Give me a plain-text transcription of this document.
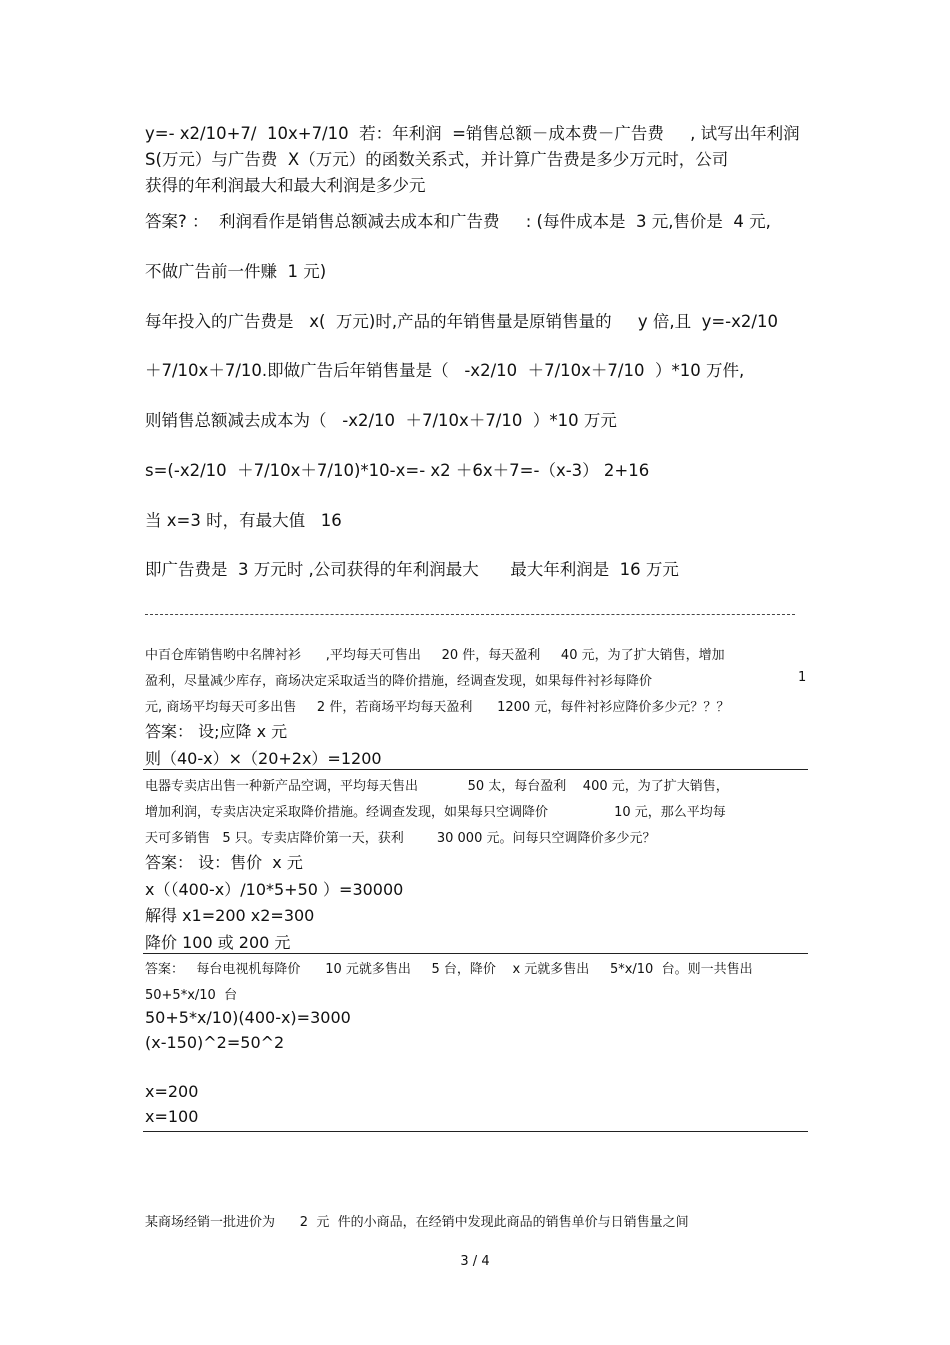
y=- x2/10+7/  10x+7/10  若：年利润  =销售总额－成本费－广告费     , 试写出年利润

S(万元）与广告费  X（万元）的函数关系式，并计算广告费是多少万元时，公司

获得的年利润最大和最大利润是多少元

答案? ：  利润看作是销售总额减去成本和广告费     : (每件成本是  3 元,售价是  4 元,

不做广告前一件赚  1 元)

每年投入的广告费是   x(  万元)时,产品的年销售量是原销售量的     y 倍,且  y=-x2/10

＋7/10x＋7/10.即做广告后年销售量是（   -x2/10  ＋7/10x＋7/10  ）*10 万件,

则销售总额减去成本为（   -x2/10  ＋7/10x＋7/10  ）*10 万元

s=(-x2/10  ＋7/10x＋7/10)*10-x=- x2 ＋6x＋7=-（x-3） 2+16

当 x=3 时，有最大值   16

即广告费是  3 万元时 ,公司获得的年利润最大      最大年利润是  16 万元

中百仓库销售哟中名牌衬衫      ,平均每天可售出     20 件，每天盈利     40 元，为了扩大销售，增加

盈利，尽量减少库存，商场决定采取适当的降价措施，经调查发现，如果每件衬衫每降价	1

元, 商场平均每天可多出售     2 件，若商场平均每天盈利      1200 元，每件衬衫应降价多少元？？？

答案： 设;应降 x 元

则（40-x）×（20+2x）=1200

电器专卖店出售一种新产品空调，平均每天售出            50 太，每台盈利    400 元，为了扩大销售，

增加利润，专卖店决定采取降价措施。经调查发现，如果每只空调降价                10 元，那么平均每

天可多销售   5 只。专卖店降价第一天，获利        30 000 元。问每只空调降价多少元？

答案： 设：售价  x 元

x（（400-x）/10*5+50 ）=30000

解得 x1=200 x2=300

降价 100 或 200 元

答案：   每台电视机每降价      10 元就多售出     5 台，降价    x 元就多售出     5*x/10  台。则一共售出

50+5*x/10  台

50+5*x/10)(400-x)=3000

(x-150)^2=50^2

x=200

x=100

某商场经销一批进价为      2  元  件的小商品，在经销中发现此商品的销售单价与日销售量之间

3 / 4
